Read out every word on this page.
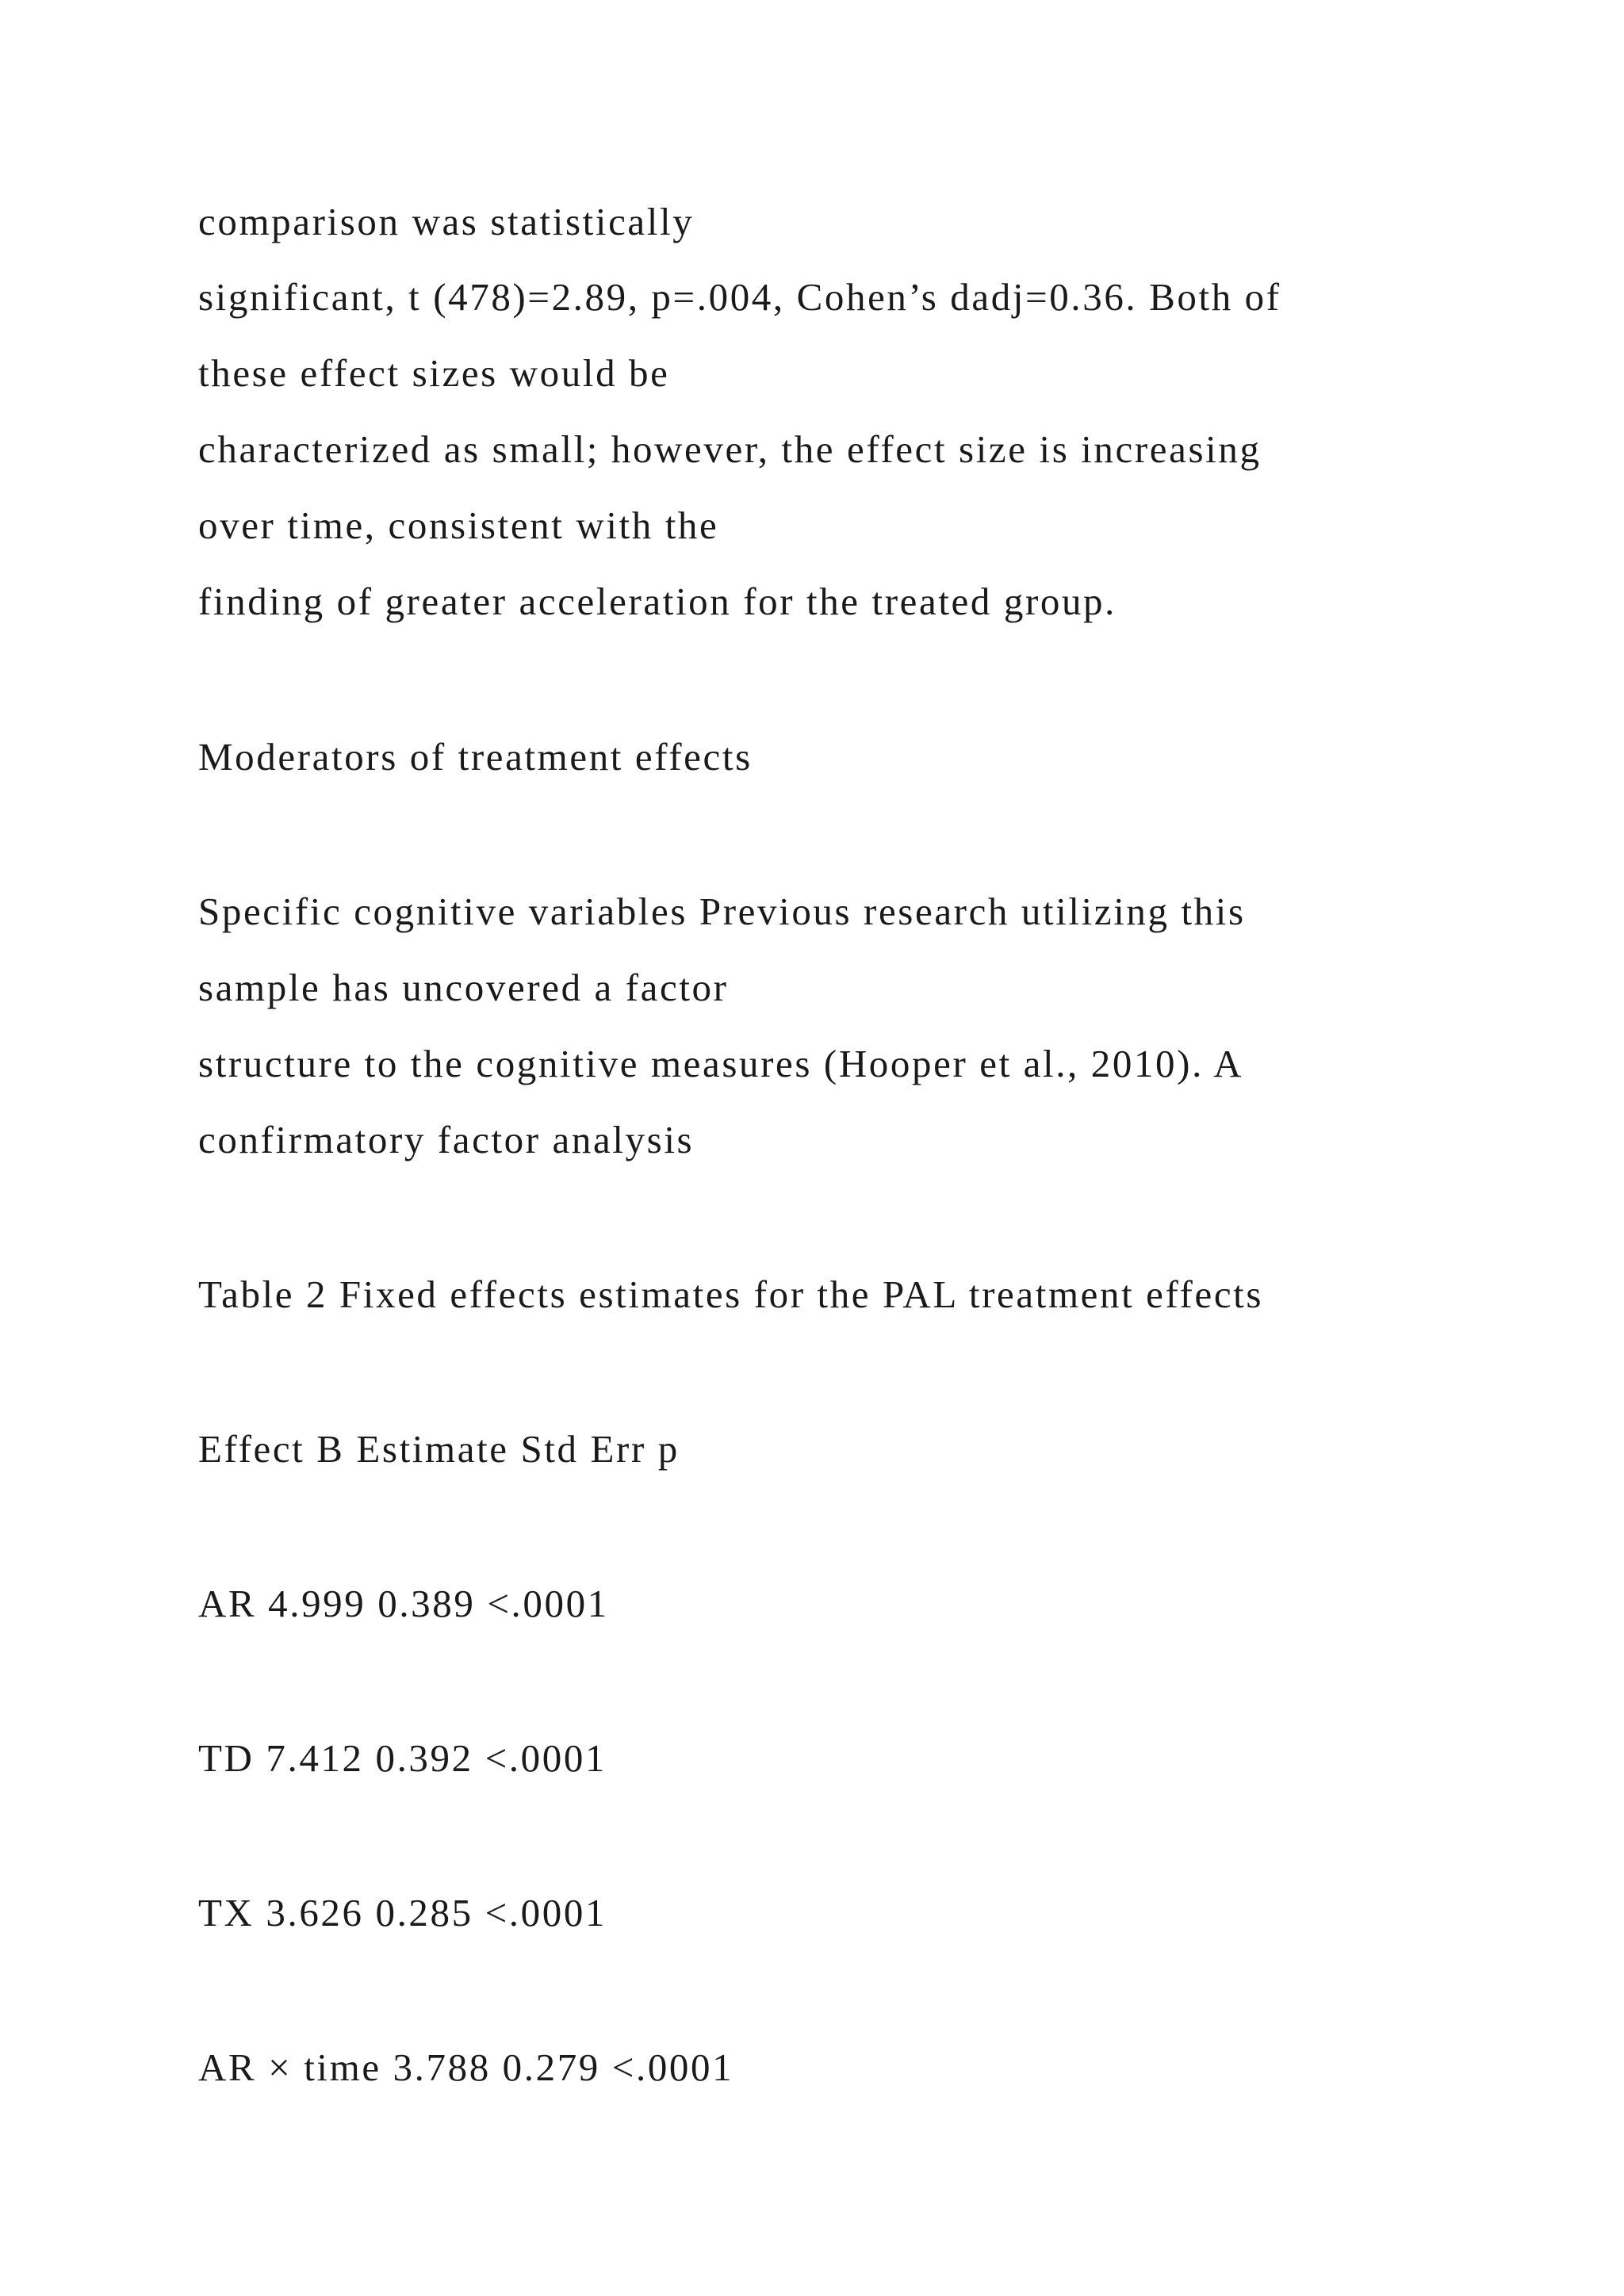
comparison was statistically

significant, t (478)=2.89, p=.004, Cohen’s dadj=0.36. Both of

these effect sizes would be

characterized as small; however, the effect size is increasing

over time, consistent with the

finding of greater acceleration for the treated group.

Moderators of treatment effects

Specific cognitive variables Previous research utilizing this

sample has uncovered a factor

structure to the cognitive measures (Hooper et al., 2010). A

confirmatory factor analysis

Table 2 Fixed effects estimates for the PAL treatment effects

Effect B Estimate Std Err p

AR 4.999 0.389 <.0001

TD 7.412 0.392 <.0001

TX 3.626 0.285 <.0001

AR × time 3.788 0.279 <.0001
